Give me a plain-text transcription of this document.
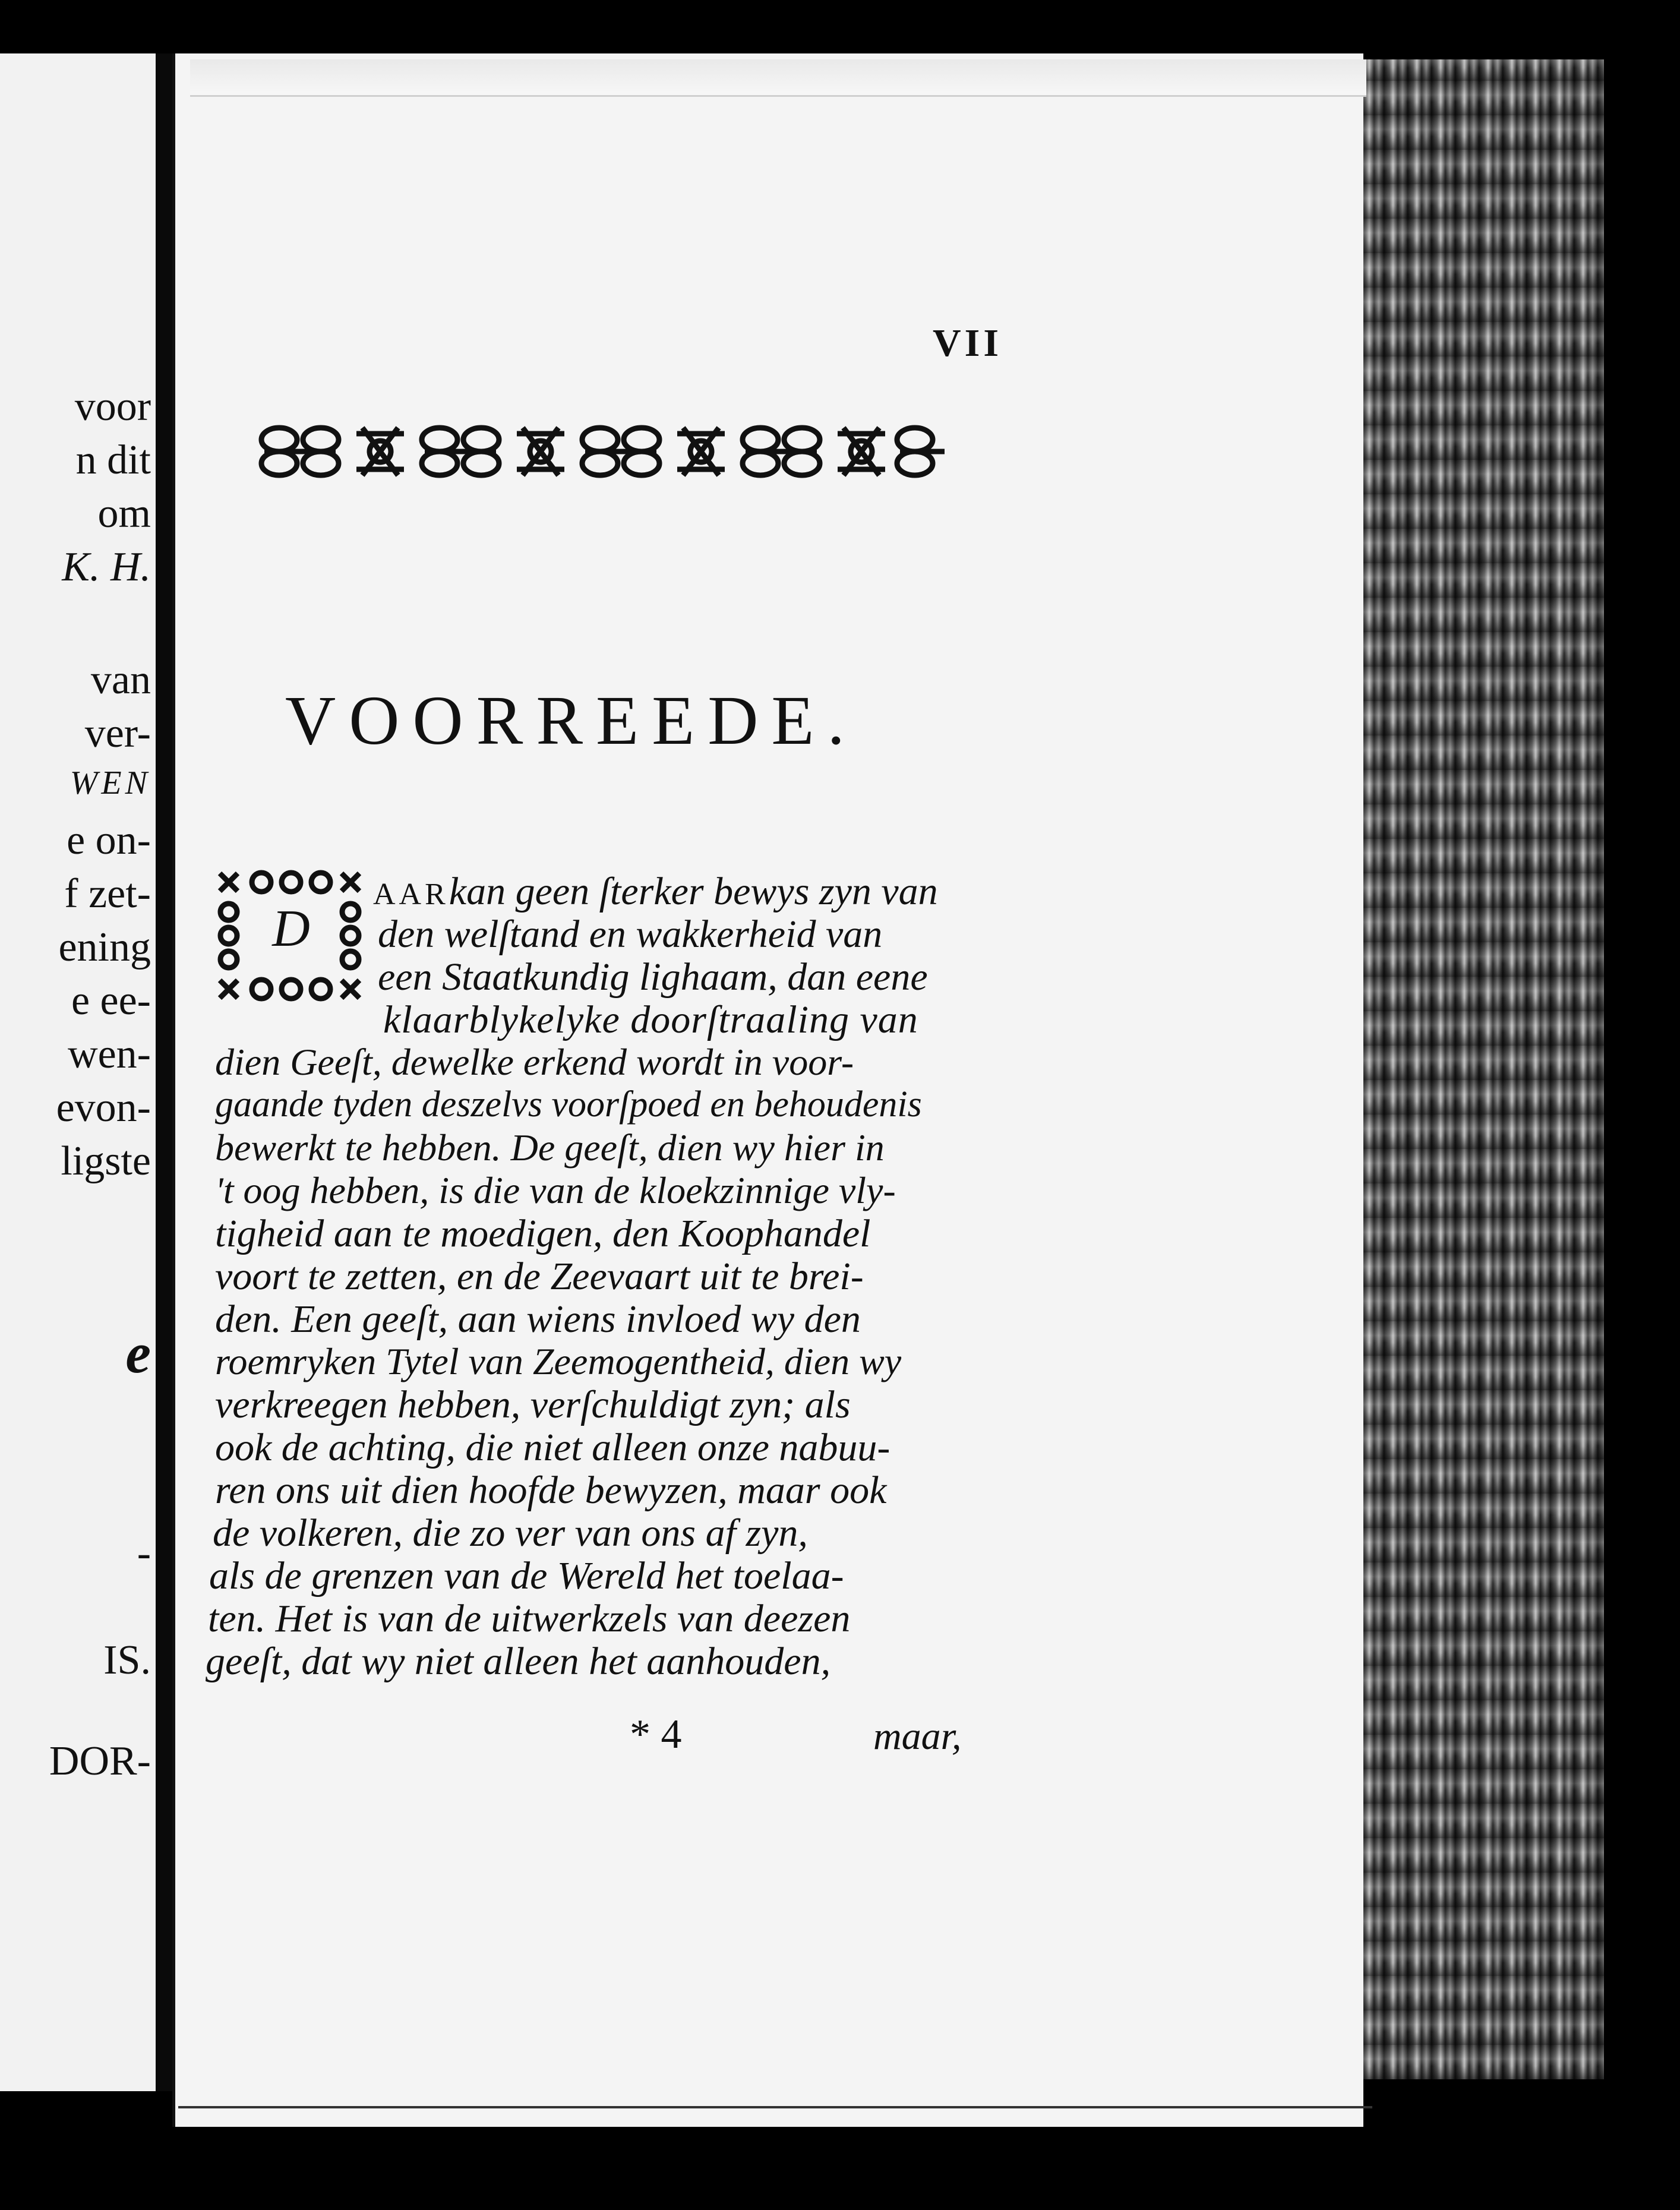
voor
n dit
om
K. H.
van
ver-
WEN
e on-
f zet-
ening
e ee-
wen-
evon-
ligste
e
-
IS.
DOR-
VII
VOORREEDE.
D
AARkan geen ſterker bewys zyn van
den welſtand en wakkerheid van
een Staatkundig lighaam, dan eene
klaarblykelyke doorſtraaling van
dien Geeſt, dewelke erkend wordt in voor-
gaande tyden deszelvs voorſpoed en behoudenis
bewerkt te hebben. De geeſt, dien wy hier in
't oog hebben, is die van de kloekzinnige vly-
tigheid aan te moedigen, den Koophandel
voort te zetten, en de Zeevaart uit te brei-
den. Een geeſt, aan wiens invloed wy den
roemryken Tytel van Zeemogentheid, dien wy
verkreegen hebben, verſchuldigt zyn; als
ook de achting, die niet alleen onze nabuu-
ren ons uit dien hoofde bewyzen, maar ook
de volkeren, die zo ver van ons af zyn,
als de grenzen van de Wereld het toelaa-
ten. Het is van de uitwerkzels van deezen
geeſt, dat wy niet alleen het aanhouden,
* 4	maar,
